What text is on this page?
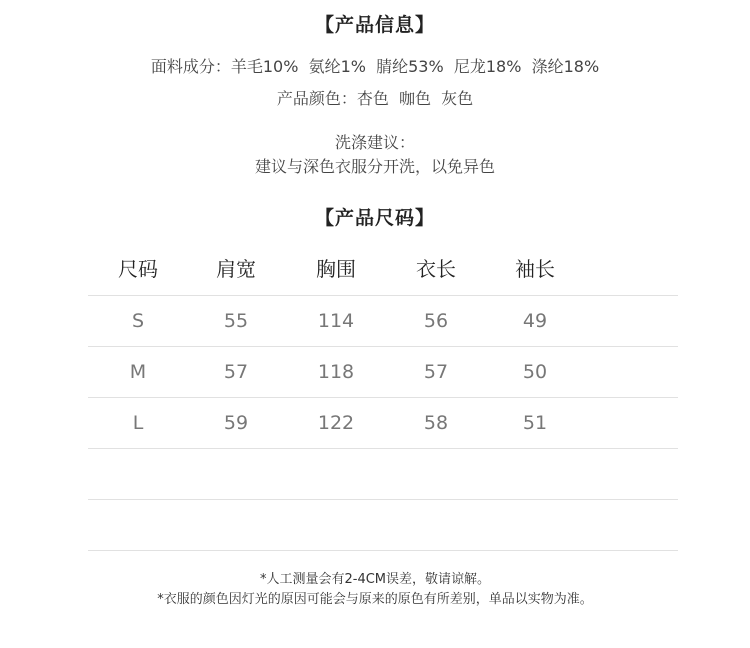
【产品信息】
面料成分：羊毛10%  氨纶1%  腈纶53%  尼龙18%  涤纶18%
产品颜色：杏色  咖色  灰色
洗涤建议：
建议与深色衣服分开洗，以免异色
【产品尺码】
尺码	肩宽	胸围	衣长	袖长
S	55	114	56	49
M	57	118	57	50
L	59	122	58	51
*人工测量会有2-4CM误差，敬请谅解。
*衣服的颜色因灯光的原因可能会与原来的原色有所差别，单品以实物为准。
